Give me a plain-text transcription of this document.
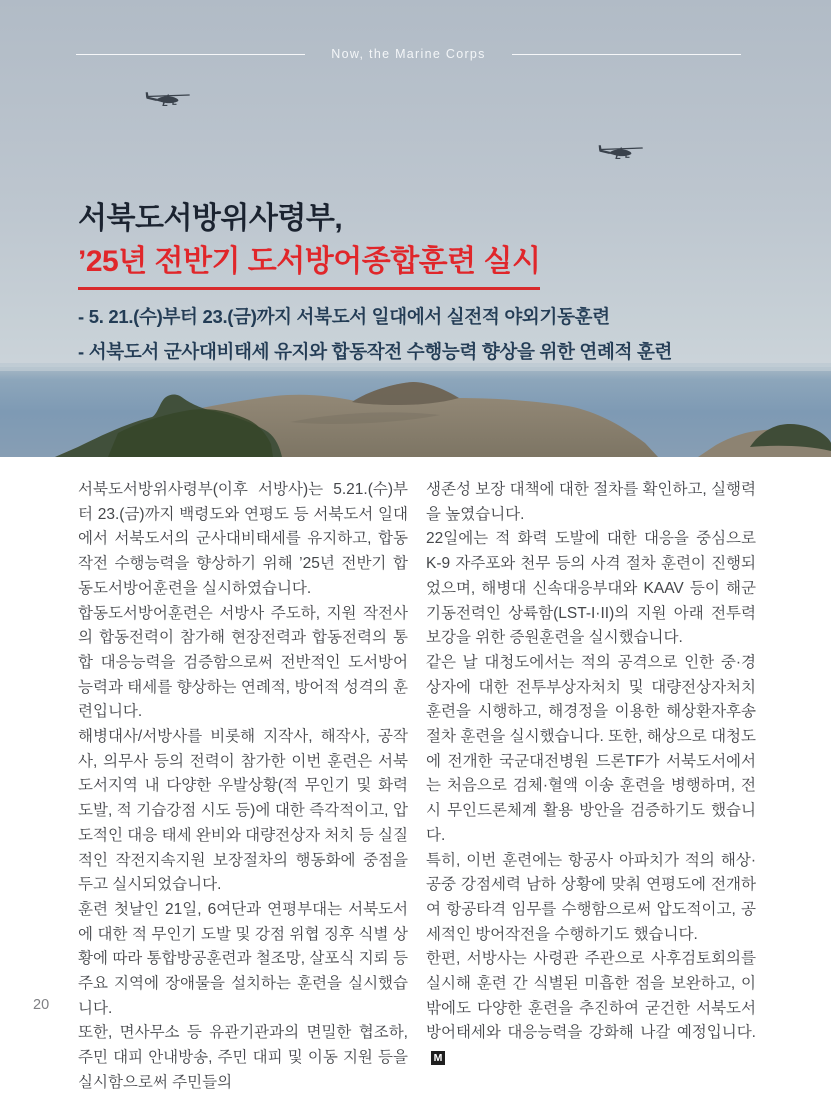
Now, the Marine Corps
서북도서방위사령부,
’25년 전반기 도서방어종합훈련 실시

- 5. 21.(수)부터 23.(금)까지 서북도서 일대에서 실전적 야외기동훈련

- 서북도서 군사대비태세 유지와 합동작전 수행능력 향상을 위한 연례적 훈련

서북도서방위사령부(이후 서방사)는 5.21.(수)부터 23.(금)까지 백령도와 연평도 등 서북도서 일대에서 서북도서의 군사대비태세를 유지하고, 합동작전 수행능력을 향상하기 위해 ’25년 전반기 합동도서방어훈련을 실시하였습니다.

합동도서방어훈련은 서방사 주도하, 지원 작전사의 합동전력이 참가해 현장전력과 합동전력의 통합 대응능력을 검증함으로써 전반적인 도서방어 능력과 태세를 향상하는 연례적, 방어적 성격의 훈련입니다.

해병대사/서방사를 비롯해 지작사, 해작사, 공작사, 의무사 등의 전력이 참가한 이번 훈련은 서북도서지역 내 다양한 우발상황(적 무인기 및 화력 도발, 적 기습강점 시도 등)에 대한 즉각적이고, 압도적인 대응 태세 완비와 대량전상자 처치 등 실질적인 작전지속지원 보장절차의 행동화에 중점을 두고 실시되었습니다.

훈련 첫날인 21일, 6여단과 연평부대는 서북도서에 대한 적 무인기 도발 및 강점 위협 징후 식별 상황에 따라 통합방공훈련과 철조망, 살포식 지뢰 등 주요 지역에 장애물을 설치하는 훈련을 실시했습니다.

또한, 면사무소 등 유관기관과의 면밀한 협조하, 주민 대피 안내방송, 주민 대피 및 이동 지원 등을 실시함으로써 주민들의

생존성 보장 대책에 대한 절차를 확인하고, 실행력을 높였습니다.

22일에는 적 화력 도발에 대한 대응을 중심으로 K-9 자주포와 천무 등의 사격 절차 훈련이 진행되었으며, 해병대 신속대응부대와 KAAV 등이 해군 기동전력인 상륙함(LST-I·II)의 지원 아래 전투력 보강을 위한 증원훈련을 실시했습니다.

같은 날 대청도에서는 적의 공격으로 인한 중·경상자에 대한 전투부상자처치 및 대량전상자처치 훈련을 시행하고, 해경정을 이용한 해상환자후송 절차 훈련을 실시했습니다. 또한, 해상으로 대청도에 전개한 국군대전병원 드론TF가 서북도서에서는 처음으로 검체·혈액 이송 훈련을 병행하며, 전시 무인드론체계 활용 방안을 검증하기도 했습니다.

특히, 이번 훈련에는 항공사 아파치가 적의 해상·공중 강점세력 남하 상황에 맞춰 연평도에 전개하여 항공타격 임무를 수행함으로써 압도적이고, 공세적인 방어작전을 수행하기도 했습니다.

한편, 서방사는 사령관 주관으로 사후검토회의를 실시해 훈련 간 식별된 미흡한 점을 보완하고, 이 밖에도 다양한 훈련을 추진하여 굳건한 서북도서 방어태세와 대응능력을 강화해 나갈 예정입니다.M

20
